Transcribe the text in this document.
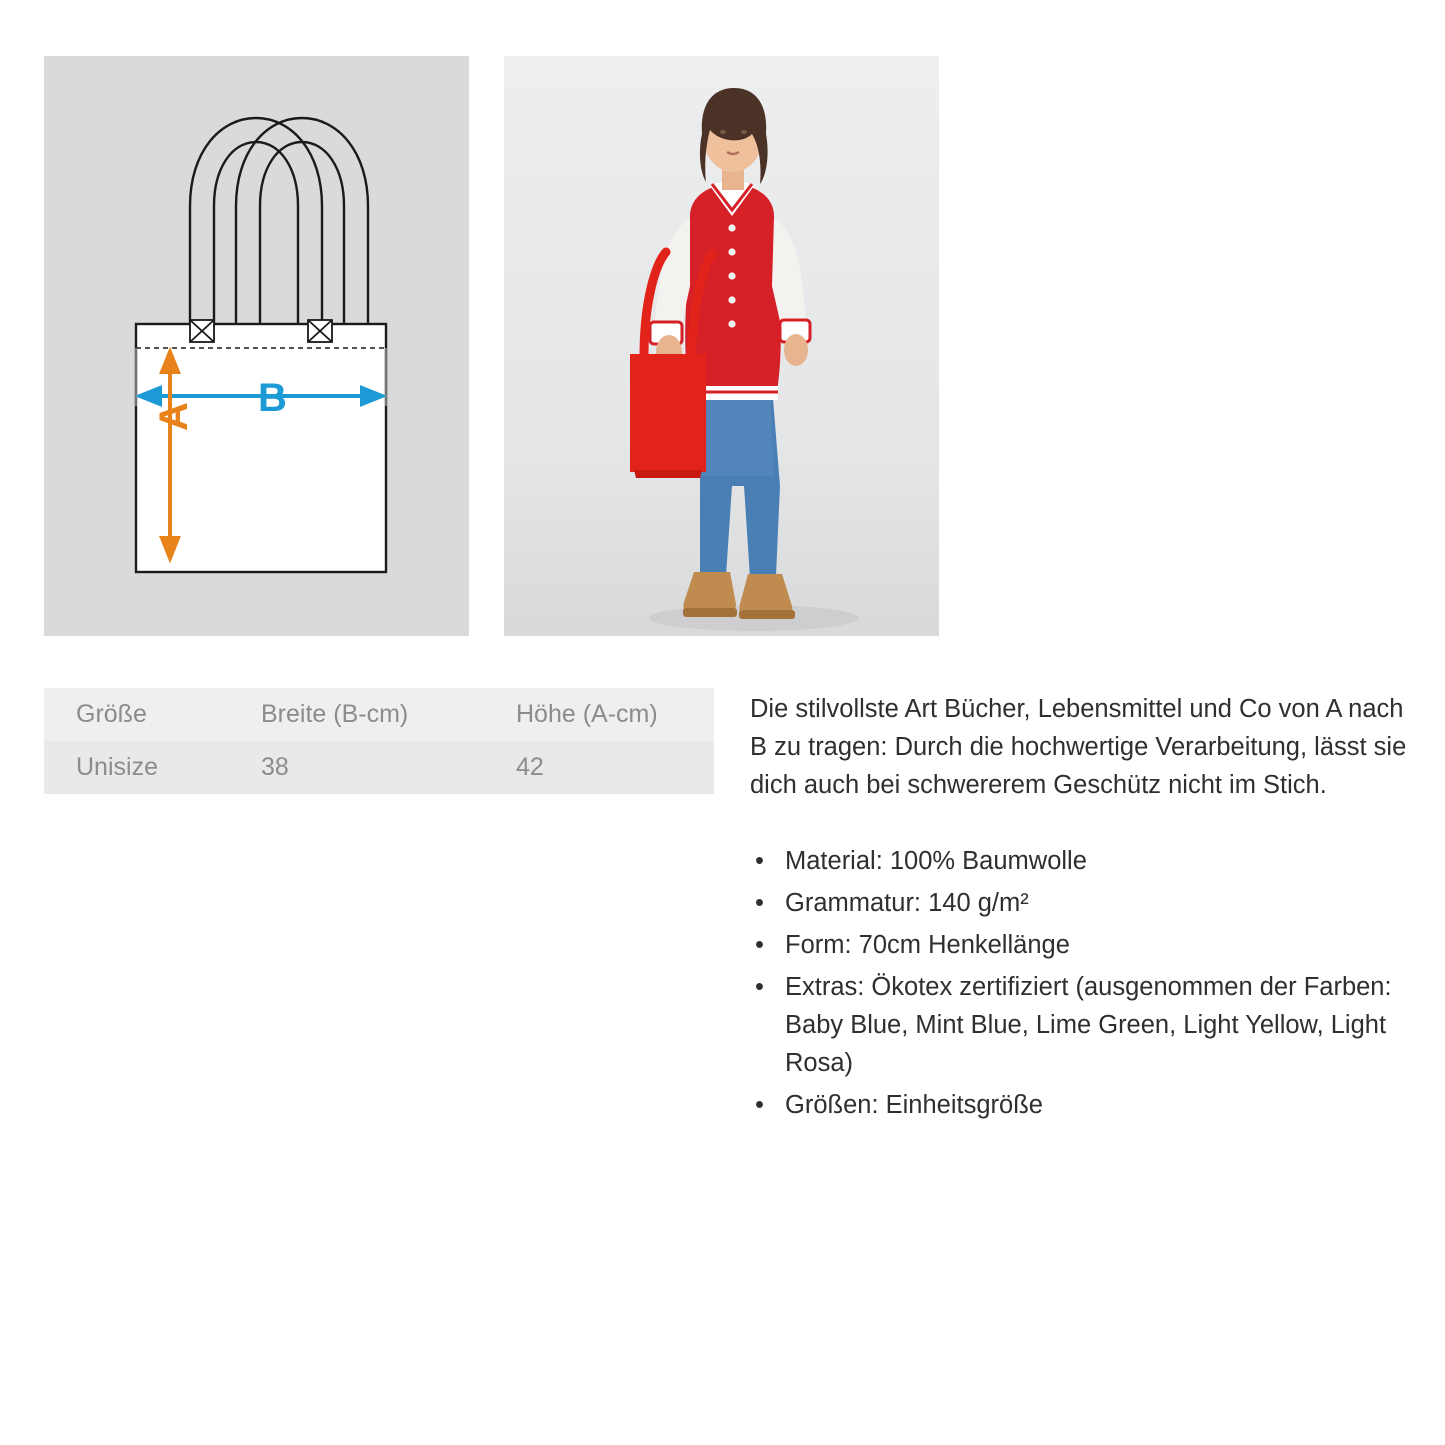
B
A
Größe	Breite (B-cm)	Höhe (A-cm)
Unisize	38	42

Die stilvollste Art Bücher, Lebensmittel und Co von A nach B zu tragen: Durch die hochwertige Verarbeitung, lässt sie dich auch bei schwererem Geschütz nicht im Stich.

• Material: 100% Baumwolle
• Grammatur: 140 g/m²
• Form: 70cm Henkellänge
• Extras: Ökotex zertifiziert (ausgenommen der Farben: Baby Blue, Mint Blue, Lime Green, Light Yellow, Light Rosa)
• Größen: Einheitsgröße
